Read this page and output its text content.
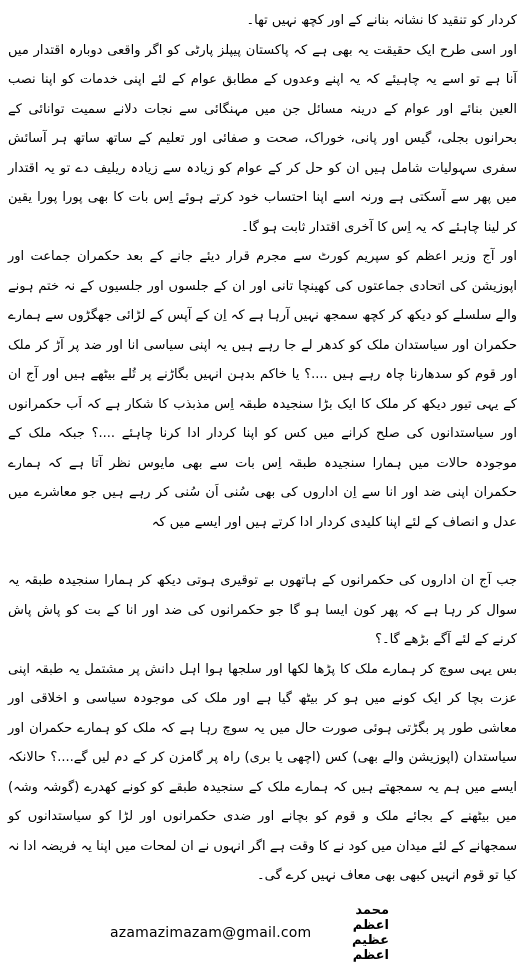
کردار کو تنقید کا نشانہ بنانے کے اور کچھ نہیں تھا۔

اور اسی طرح ایک حقیقت یہ بھی ہے کہ پاکستان پیپلز پارٹی کو اگر واقعی دوبارہ اقتدار میں آنا ہے تو اسے یہ چاہیئے کہ یہ اپنے وعدوں کے مطابق عوام کے لئے اپنی خدمات کو اپنا نصب العین بنائے اور عوام کے درینہ مسائل جن میں مہنگائی سے نجات دلانے سمیت توانائی کے بحرانوں بجلی، گیس اور پانی، خوراک، صحت و صفائی اور تعلیم کے ساتھ ساتھ ہر آسائش سفری سہولیات شامل ہیں ان کو حل کر کے عوام کو زیادہ سے زیادہ ریلیف دے تو یہ اقتدار میں پھر سے آسکتی ہے ورنہ اسے اپنا احتساب خود کرتے ہوئے اِس بات کا بھی پورا پورا یقین کر لینا چاہئے کہ یہ اِس کا آخری اقتدار ثابت ہو گا۔

اور آج وزیر اعظم کو سپریم کورٹ سے مجرم قرار دیئے جانے کے بعد حکمران جماعت اور اپوزیشن کی اتحادی جماعتوں کی کھینچا تانی اور ان کے جلسوں اور جلسیوں کے نہ ختم ہونے والے سلسلے کو دیکھ کر کچھ سمجھ نہیں آرہا ہے کہ اِن کے آپس کے لڑائی جھگڑوں سے ہمارے حکمران اور سیاستدان ملک کو کدھر لے جا رہے ہیں یہ اپنی سیاسی انا اور ضد پر آڑ کر ملک اور قوم کو سدھارنا چاہ رہے ہیں ....؟ یا خاکم بدہن انہیں بگاڑنے پر تُلے بیٹھے ہیں اور آج ان کے یہی تیور دیکھ کر ملک کا ایک بڑا سنجیدہ طبقہ اِس مذبذب کا شکار ہے کہ اَب حکمرانوں اور سیاستدانوں کی صلح کرانے میں کس کو اپنا کردار ادا کرنا چاہئے ....؟ جبکہ ملک کے موجودہ حالات میں ہمارا سنجیدہ طبقہ اِس بات سے بھی مایوس نظر آتا ہے کہ ہمارے حکمران اپنی ضد اور انا سے اِن اداروں کی بھی سُنی اَن سُنی کر رہے ہیں جو معاشرے میں عدل و انصاف کے لئے اپنا کلیدی کردار ادا کرتے ہیں اور ایسے میں کہ

جب آج ان اداروں کی حکمرانوں کے ہاتھوں بے توقیری ہوتی دیکھ کر ہمارا سنجیدہ طبقہ یہ سوال کر رہا ہے کہ پھر کون ایسا ہو گا جو حکمرانوں کی ضد اور انا کے بت کو پاش پاش کرنے کے لئے آگے بڑھے گا۔؟

بس یہی سوچ کر ہمارے ملک کا پڑھا لکھا اور سلجھا ہوا اہل دانش پر مشتمل یہ طبقہ اپنی عزت بچا کر ایک کونے میں ہو کر بیٹھ گیا ہے اور ملک کی موجودہ سیاسی و اخلاقی اور معاشی طور پر بگڑتی ہوئی صورت حال میں یہ سوچ رہا ہے کہ ملک کو ہمارے حکمران اور سیاستدان (اپوزیشن والے بھی) کس (اچھی یا بری) راہ پر گامزن کر کے دم لیں گے....؟ حالانکہ ایسے میں ہم یہ سمجھتے ہیں کہ ہمارے ملک کے سنجیدہ طبقے کو کونے کھدرے (گوشہ وشہ) میں بیٹھنے کے بجائے ملک و قوم کو بچانے اور ضدی حکمرانوں اور لڑا کو سیاستدانوں کو سمجھانے کے لئے میدان میں کود نے کا وقت ہے اگر انہوں نے ان لمحات میں اپنا یہ فریضہ ادا نہ کیا تو قوم انہیں کبھی بھی معاف نہیں کرے گی۔

azamazimazam@gmail.com
محمد اعظم عظیم اعظم
